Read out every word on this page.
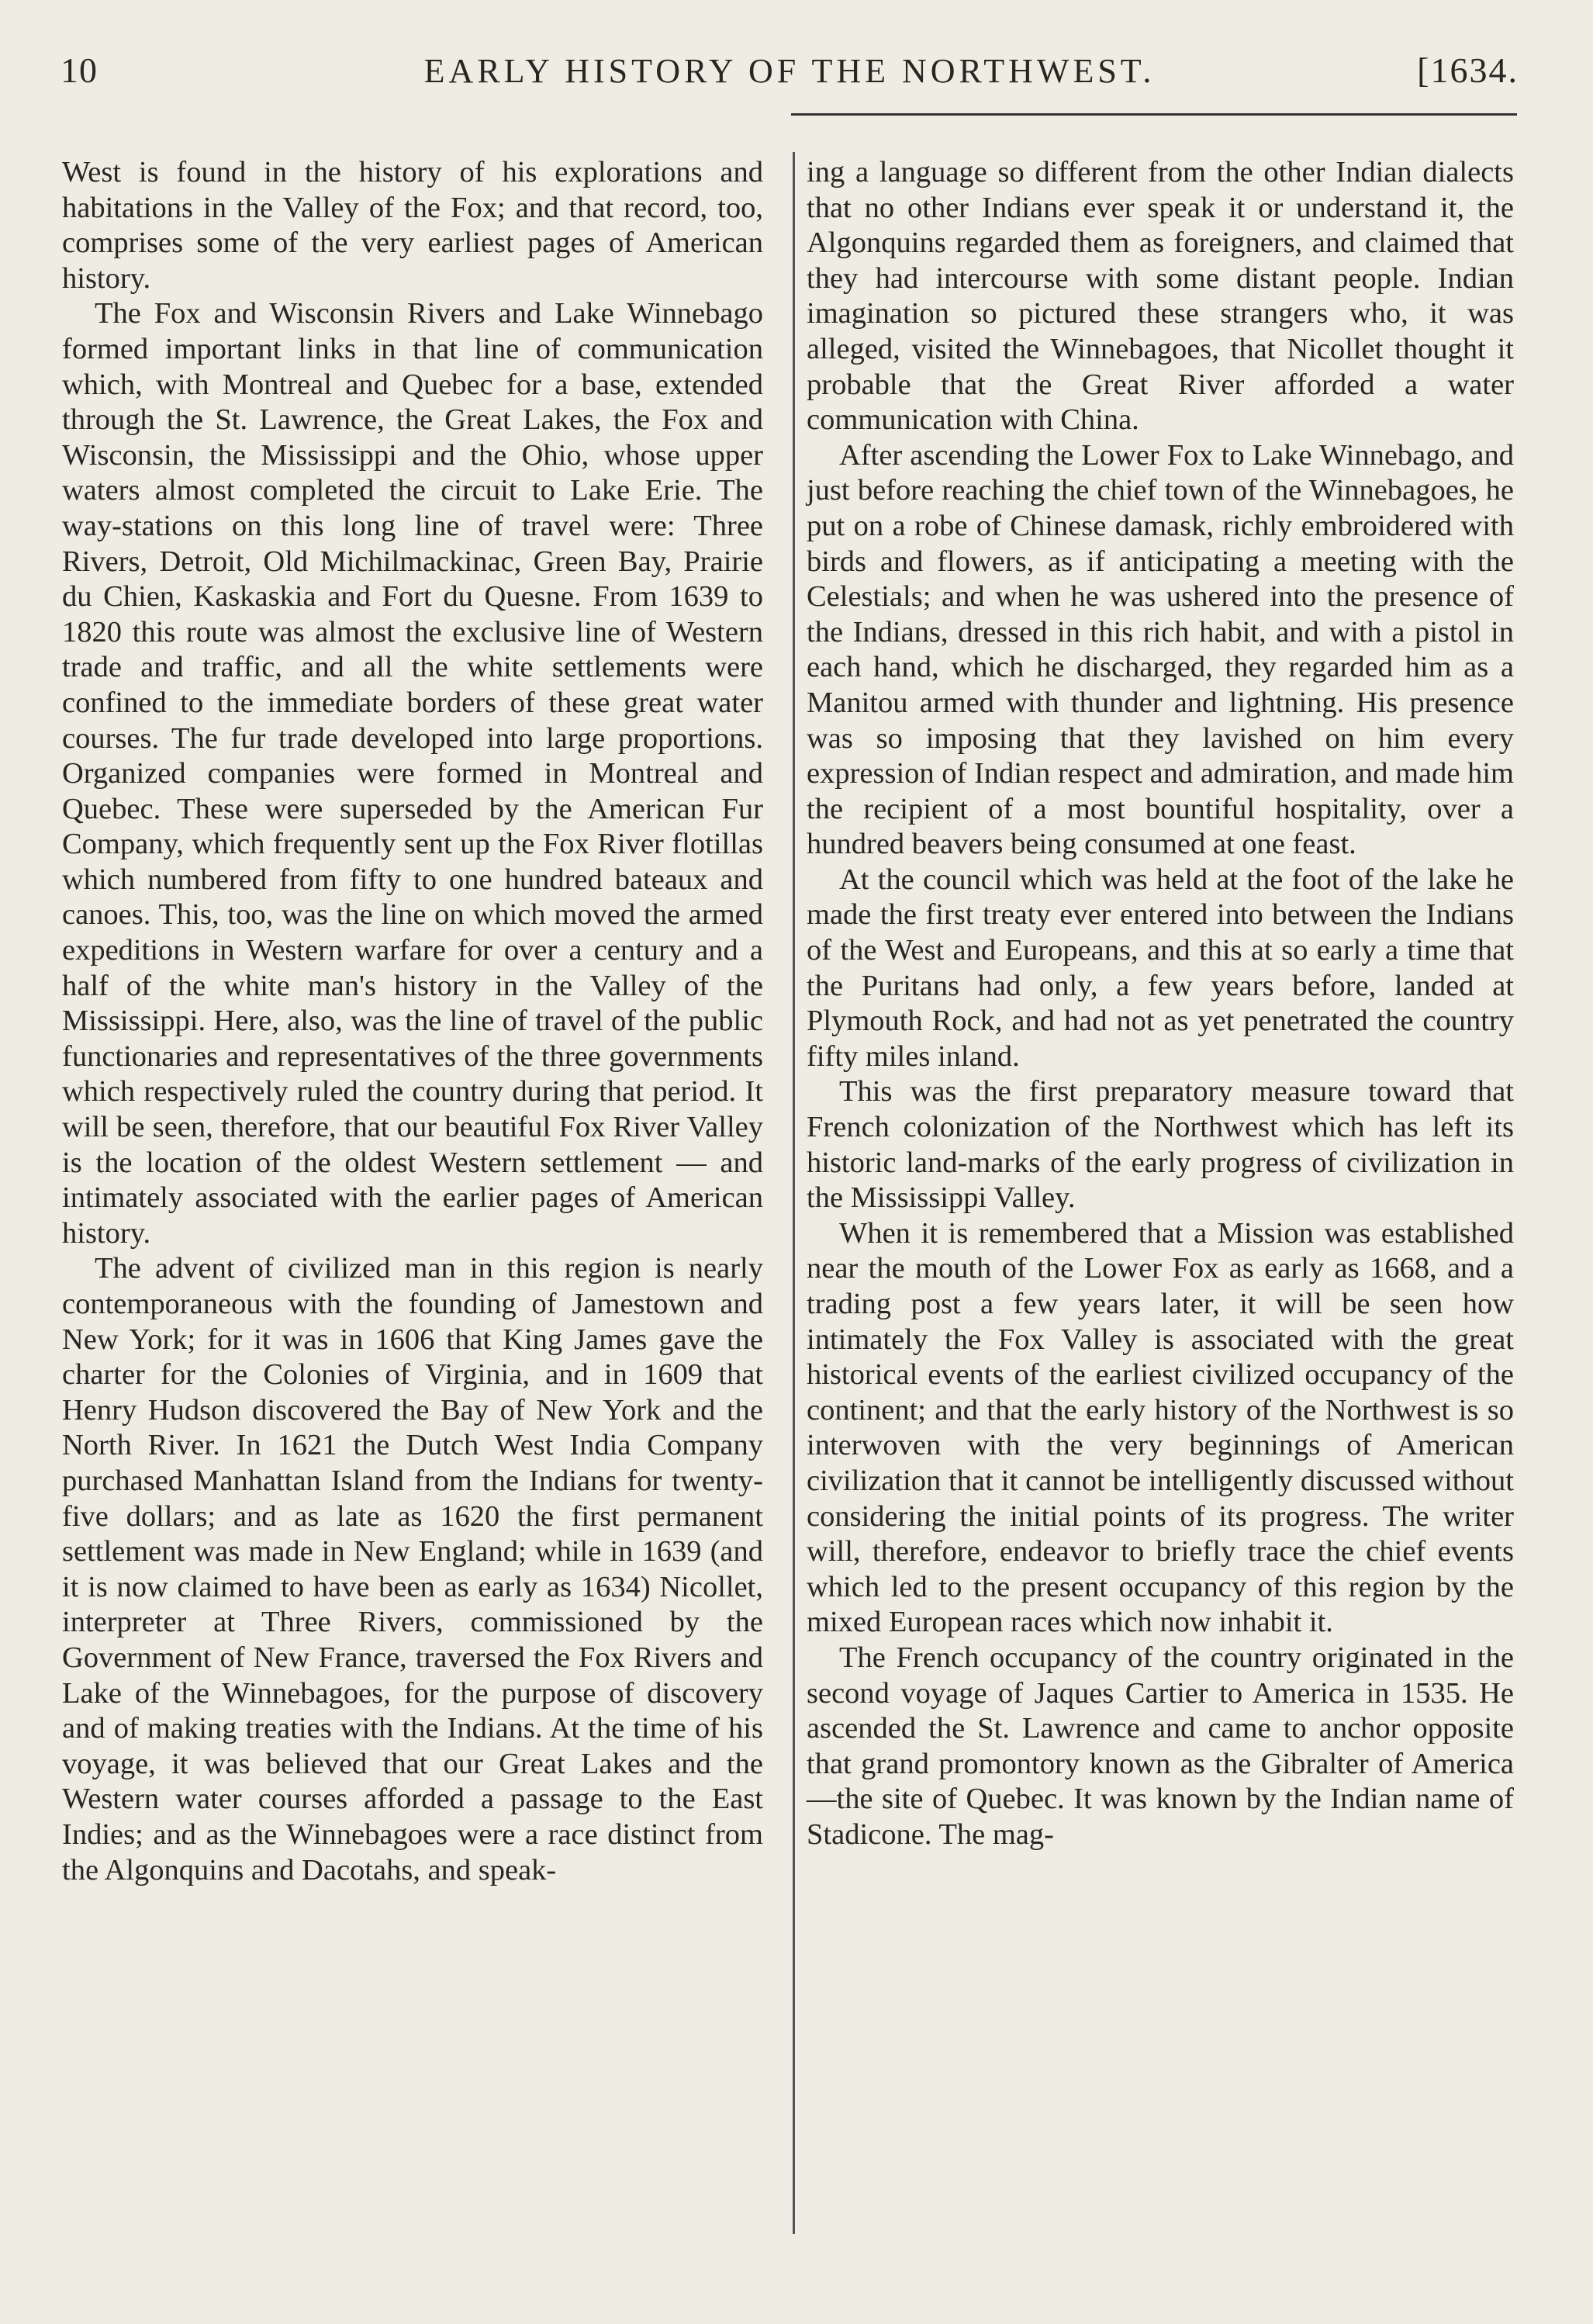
10	EARLY HISTORY OF THE NORTHWEST.	[1634.

West is found in the history of his explorations and habitations in the Valley of the Fox; and that record, too, comprises some of the very earliest pages of American history.

The Fox and Wisconsin Rivers and Lake Winnebago formed important links in that line of communication which, with Montreal and Quebec for a base, extended through the St. Lawrence, the Great Lakes, the Fox and Wisconsin, the Mississippi and the Ohio, whose upper waters almost completed the circuit to Lake Erie. The way-stations on this long line of travel were: Three Rivers, Detroit, Old Michilmackinac, Green Bay, Prairie du Chien, Kaskaskia and Fort du Quesne. From 1639 to 1820 this route was almost the exclusive line of Western trade and traffic, and all the white settlements were confined to the immediate borders of these great water courses. The fur trade developed into large proportions. Organized companies were formed in Montreal and Quebec. These were superseded by the American Fur Company, which frequently sent up the Fox River flotillas which numbered from fifty to one hundred bateaux and canoes. This, too, was the line on which moved the armed expeditions in Western warfare for over a century and a half of the white man's history in the Valley of the Mississippi. Here, also, was the line of travel of the public functionaries and representatives of the three governments which respectively ruled the country during that period. It will be seen, therefore, that our beautiful Fox River Valley is the location of the oldest Western settlement — and intimately associated with the earlier pages of American history.

The advent of civilized man in this region is nearly contemporaneous with the founding of Jamestown and New York; for it was in 1606 that King James gave the charter for the Colonies of Virginia, and in 1609 that Henry Hudson discovered the Bay of New York and the North River. In 1621 the Dutch West India Company purchased Manhattan Island from the Indians for twenty-five dollars; and as late as 1620 the first permanent settlement was made in New England; while in 1639 (and it is now claimed to have been as early as 1634) Nicollet, interpreter at Three Rivers, commissioned by the Government of New France, traversed the Fox Rivers and Lake of the Winnebagoes, for the purpose of discovery and of making treaties with the Indians. At the time of his voyage, it was believed that our Great Lakes and the Western water courses afforded a passage to the East Indies; and as the Winnebagoes were a race distinct from the Algonquins and Dacotahs, and speak-

ing a language so different from the other Indian dialects that no other Indians ever speak it or understand it, the Algonquins regarded them as foreigners, and claimed that they had intercourse with some distant people. Indian imagination so pictured these strangers who, it was alleged, visited the Winnebagoes, that Nicollet thought it probable that the Great River afforded a water communication with China.

After ascending the Lower Fox to Lake Winnebago, and just before reaching the chief town of the Winnebagoes, he put on a robe of Chinese damask, richly embroidered with birds and flowers, as if anticipating a meeting with the Celestials; and when he was ushered into the presence of the Indians, dressed in this rich habit, and with a pistol in each hand, which he discharged, they regarded him as a Manitou armed with thunder and lightning. His presence was so imposing that they lavished on him every expression of Indian respect and admiration, and made him the recipient of a most bountiful hospitality, over a hundred beavers being consumed at one feast.

At the council which was held at the foot of the lake he made the first treaty ever entered into between the Indians of the West and Europeans, and this at so early a time that the Puritans had only, a few years before, landed at Plymouth Rock, and had not as yet penetrated the country fifty miles inland.

This was the first preparatory measure toward that French colonization of the Northwest which has left its historic land-marks of the early progress of civilization in the Mississippi Valley.

When it is remembered that a Mission was established near the mouth of the Lower Fox as early as 1668, and a trading post a few years later, it will be seen how intimately the Fox Valley is associated with the great historical events of the earliest civilized occupancy of the continent; and that the early history of the Northwest is so interwoven with the very beginnings of American civilization that it cannot be intelligently discussed without considering the initial points of its progress. The writer will, therefore, endeavor to briefly trace the chief events which led to the present occupancy of this region by the mixed European races which now inhabit it.

The French occupancy of the country originated in the second voyage of Jaques Cartier to America in 1535. He ascended the St. Lawrence and came to anchor opposite that grand promontory known as the Gibralter of America—the site of Quebec. It was known by the Indian name of Stadicone. The mag-
